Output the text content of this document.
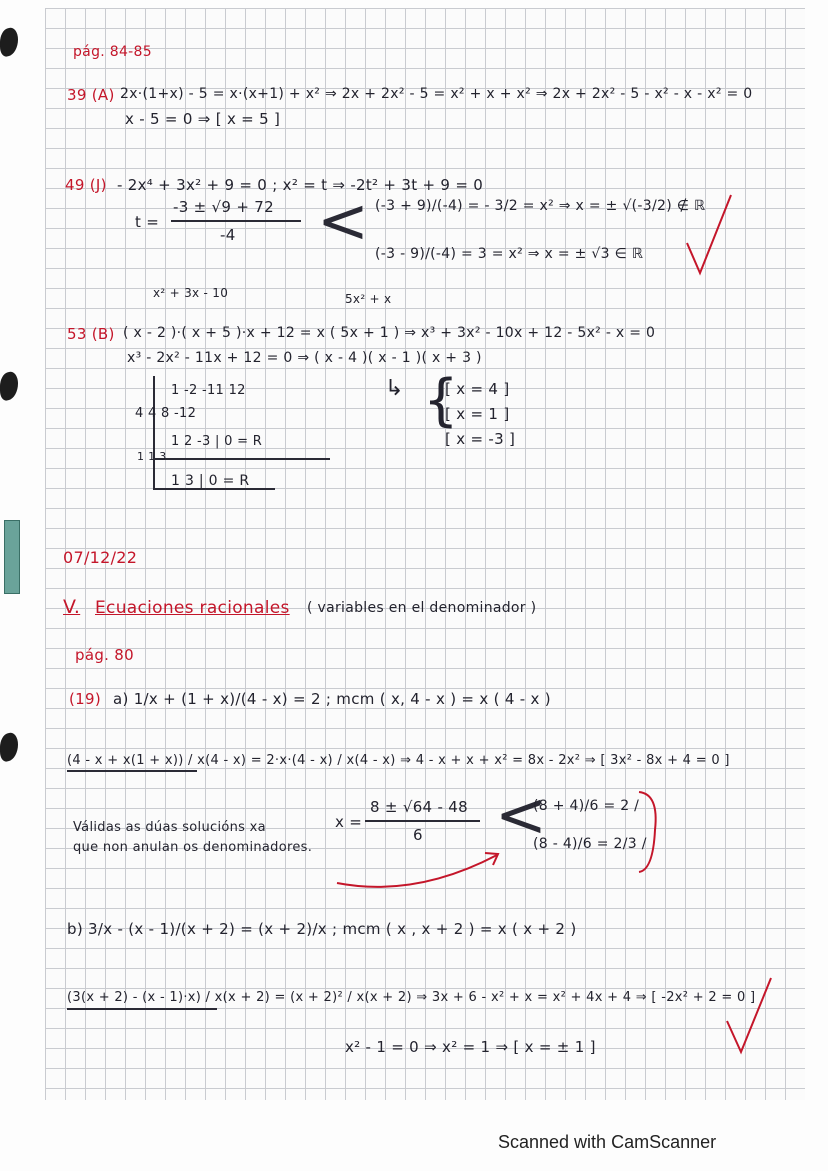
pág. 84-85
39 (A) 2x·(1+x) - 5 = x·(x+1) + x² ⇒ 2x + 2x² - 5 = x² + x + x² ⇒ 2x + 2x² - 5 - x² - x - x² = 0
x - 5 = 0 ⇒ [ x = 5 ]
49 (J) - 2x⁴ + 3x² + 9 = 0 ; x² = t ⇒ -2t² + 3t + 9 = 0
t =
-3 ± √9 + 72
-4 < (-3 + 9)/(-4) = - 3/2 = x² ⇒ x = ± √(-3/2) ∉ ℝ
(-3 - 9)/(-4) = 3 = x² ⇒ x = ± √3 ∈ ℝ
x² + 3x - 10	5x² + x
53 (B) ( x - 2 )·( x + 5 )·x + 12 = x ( 5x + 1 ) ⇒ x³ + 3x² - 10x + 12 - 5x² - x = 0
x³ - 2x² - 11x + 12 = 0 ⇒ ( x - 4 )( x - 1 )( x + 3 )
1 -2 -11 12
4 4 8 -12
1 2 -3 | 0 = R
1 1 3
1 3 | 0 = R
↳ {
[ x = 4 ]
[ x = 1 ]
[ x = -3 ]
07/12/22
V. Ecuaciones racionales ( variables en el denominador )
pág. 80
(19) a) 1/x + (1 + x)/(4 - x) = 2 ; mcm ( x, 4 - x ) = x ( 4 - x )
(4 - x + x(1 + x)) / x(4 - x) = 2·x·(4 - x) / x(4 - x) ⇒ 4 - x + x + x² = 8x - 2x² ⇒ [ 3x² - 8x + 4 = 0 ]
x =
8 ± √64 - 48
6 <
(8 + 4)/6 = 2 /
(8 - 4)/6 = 2/3 /
Válidas as dúas solucións xa
que non anulan os denominadores.
b) 3/x - (x - 1)/(x + 2) = (x + 2)/x ; mcm ( x , x + 2 ) = x ( x + 2 )
(3(x + 2) - (x - 1)·x) / x(x + 2) = (x + 2)² / x(x + 2) ⇒ 3x + 6 - x² + x = x² + 4x + 4 ⇒ [ -2x² + 2 = 0 ]
x² - 1 = 0 ⇒ x² = 1 ⇒ [ x = ± 1 ]
Scanned with CamScanner
